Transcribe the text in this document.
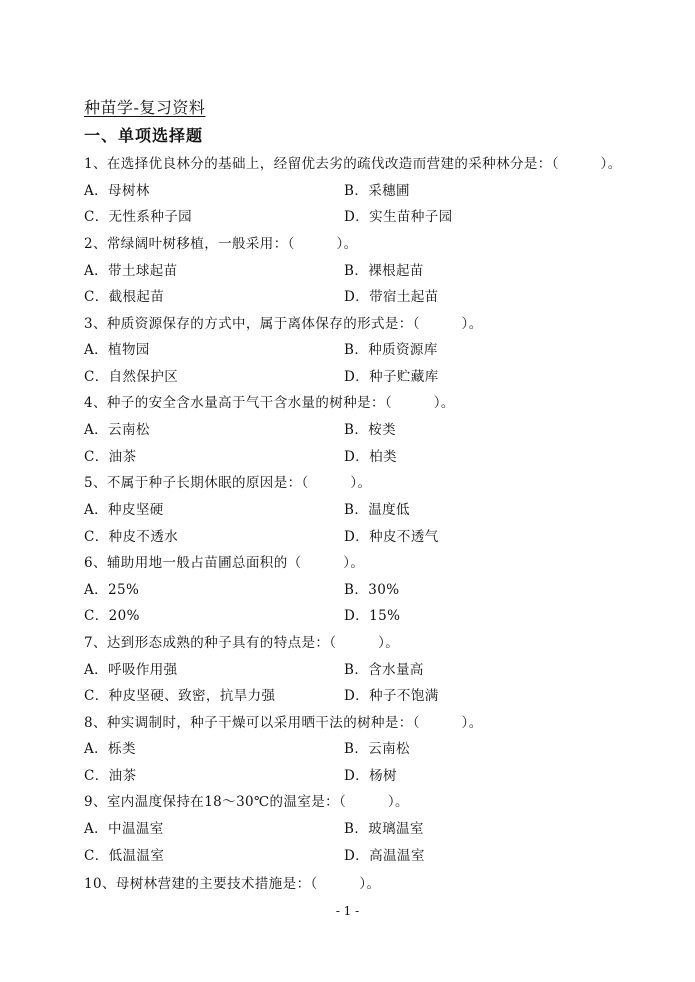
种苗学-复习资料
一、单项选择题
1、在选择优良林分的基础上，经留优去劣的疏伐改造而营建的采种林分是：（　　　）。
A．母树林	B．采穗圃
C．无性系种子园	D．实生苗种子园
2、常绿阔叶树移植，一般采用：（　　　）。
A．带土球起苗	B．裸根起苗
C．截根起苗	D．带宿土起苗
3、种质资源保存的方式中，属于离体保存的形式是：（　　　）。
A．植物园	B．种质资源库
C．自然保护区	D．种子贮藏库
4、种子的安全含水量高于气干含水量的树种是：（　　　）。
A．云南松	B．桉类
C．油茶	D．柏类
5、不属于种子长期休眠的原因是：（　　　）。
A．种皮坚硬	B．温度低
C．种皮不透水	D．种皮不透气
6、辅助用地一般占苗圃总面积的（　　　）。
A．25%	B．30%
C．20%	D．15%
7、达到形态成熟的种子具有的特点是：（　　　）。
A．呼吸作用强	B．含水量高
C．种皮坚硬、致密，抗旱力强	D．种子不饱满
8、种实调制时，种子干燥可以采用晒干法的树种是：（　　　）。
A．栎类	B．云南松
C．油茶	D．杨树
9、室内温度保持在18～30℃的温室是：（　　　）。
A．中温温室	B．玻璃温室
C．低温温室	D．高温温室
10、母树林营建的主要技术措施是：（　　　）。
- 1 -
